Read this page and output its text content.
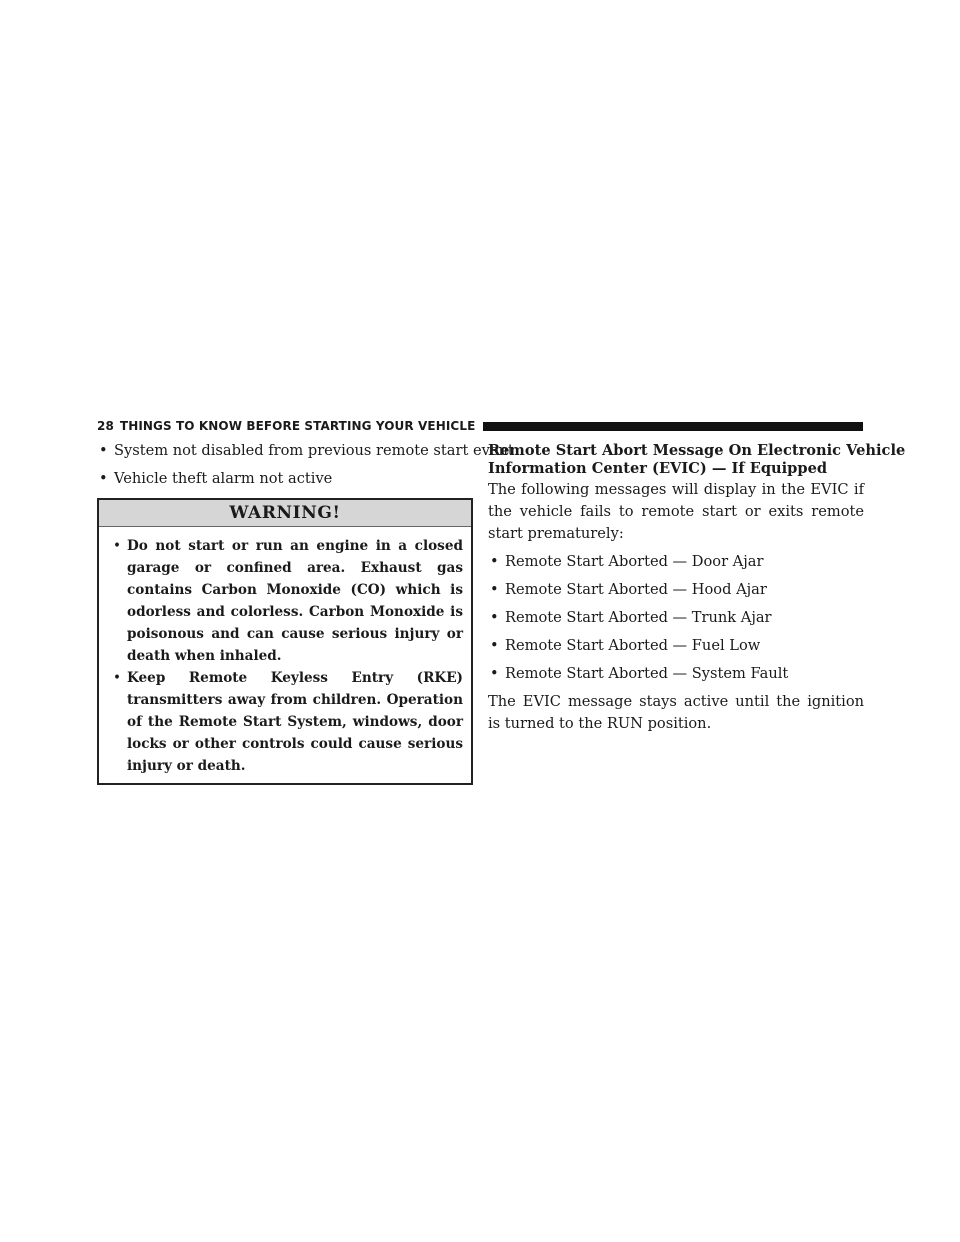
28 THINGS TO KNOW BEFORE STARTING YOUR VEHICLE
• System not disabled from previous remote start event
• Vehicle theft alarm not active
WARNING!
• Do not start or run an engine in a closed garage or confined area. Exhaust gas contains Carbon Monoxide (CO) which is odorless and colorless. Carbon Monoxide is poisonous and can cause serious injury or death when inhaled.
• Keep Remote Keyless Entry (RKE) transmitters away from children. Operation of the Remote Start System, windows, door locks or other controls could cause serious injury or death.
Remote Start Abort Message On Electronic Vehicle
Information Center (EVIC) — If Equipped
The following messages will display in the EVIC if the vehicle fails to remote start or exits remote start prematurely:
• Remote Start Aborted — Door Ajar
• Remote Start Aborted — Hood Ajar
• Remote Start Aborted — Trunk Ajar
• Remote Start Aborted — Fuel Low
• Remote Start Aborted — System Fault
The EVIC message stays active until the ignition is turned to the RUN position.
